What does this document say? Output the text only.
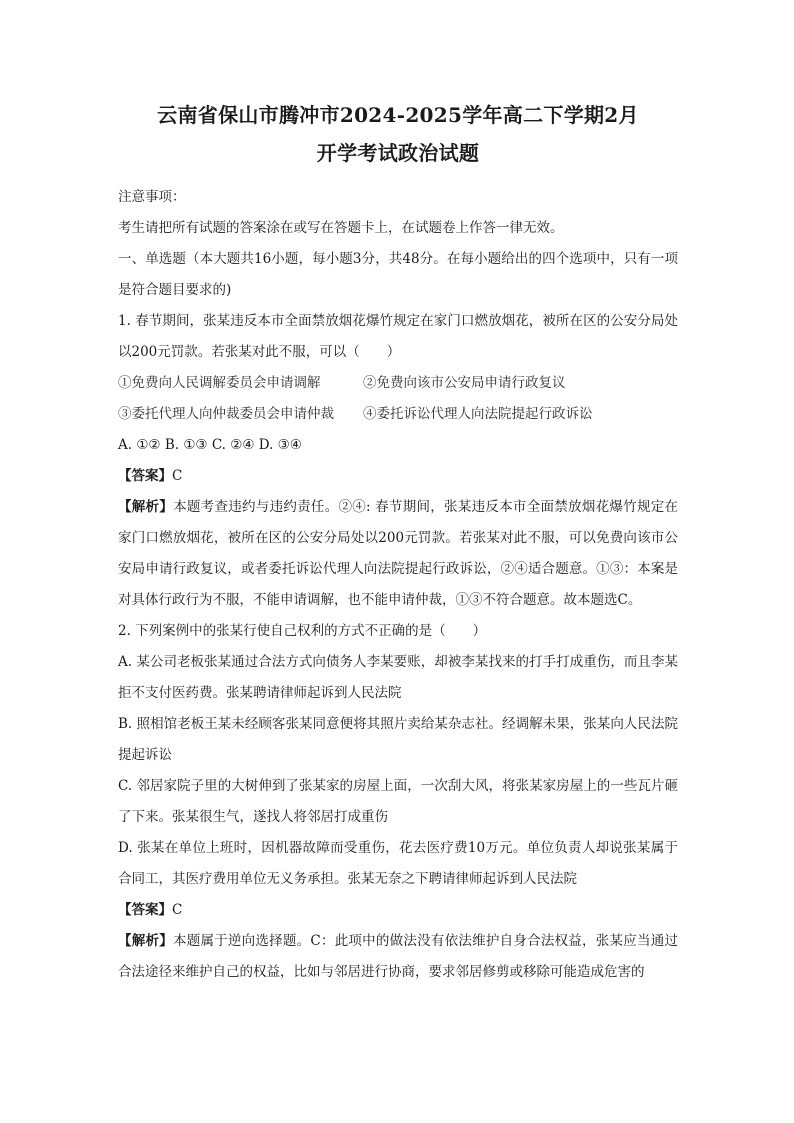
云南省保山市腾冲市2024-2025学年高二下学期2月
开学考试政治试题

注意事项：

考生请把所有试题的答案涂在或写在答题卡上，在试题卷上作答一律无效。

一、单选题（本大题共16小题，每小题3分，共48分。在每小题给出的四个选项中，只有一项是符合题目要求的)

1. 春节期间，张某违反本市全面禁放烟花爆竹规定在家门口燃放烟花，被所在区的公安分局处以200元罚款。若张某对此不服，可以（　　）

①免费向人民调解委员会申请调解	②免费向该市公安局申请行政复议
③委托代理人向仲裁委员会申请仲裁	④委托诉讼代理人向法院提起行政诉讼

A. ①② B. ①③ C. ②④ D. ③④

【答案】C

【解析】本题考查违约与违约责任。②④: 春节期间，张某违反本市全面禁放烟花爆竹规定在家门口燃放烟花，被所在区的公安分局处以200元罚款。若张某对此不服，可以免费向该市公安局申请行政复议，或者委托诉讼代理人向法院提起行政诉讼，②④适合题意。①③：本案是对具体行政行为不服，不能申请调解，也不能申请仲裁，①③不符合题意。故本题选C。

2. 下列案例中的张某行使自己权利的方式不正确的是（　　）

A. 某公司老板张某通过合法方式向债务人李某要账，却被李某找来的打手打成重伤，而且李某拒不支付医药费。张某聘请律师起诉到人民法院

B. 照相馆老板王某未经顾客张某同意便将其照片卖给某杂志社。经调解未果，张某向人民法院提起诉讼

C. 邻居家院子里的大树伸到了张某家的房屋上面，一次刮大风，将张某家房屋上的一些瓦片砸了下来。张某很生气，遂找人将邻居打成重伤

D. 张某在单位上班时，因机器故障而受重伤，花去医疗费10万元。单位负责人却说张某属于合同工，其医疗费用单位无义务承担。张某无奈之下聘请律师起诉到人民法院

【答案】C

【解析】本题属于逆向选择题。C：此项中的做法没有依法维护自身合法权益，张某应当通过合法途径来维护自己的权益，比如与邻居进行协商，要求邻居修剪或移除可能造成危害的
